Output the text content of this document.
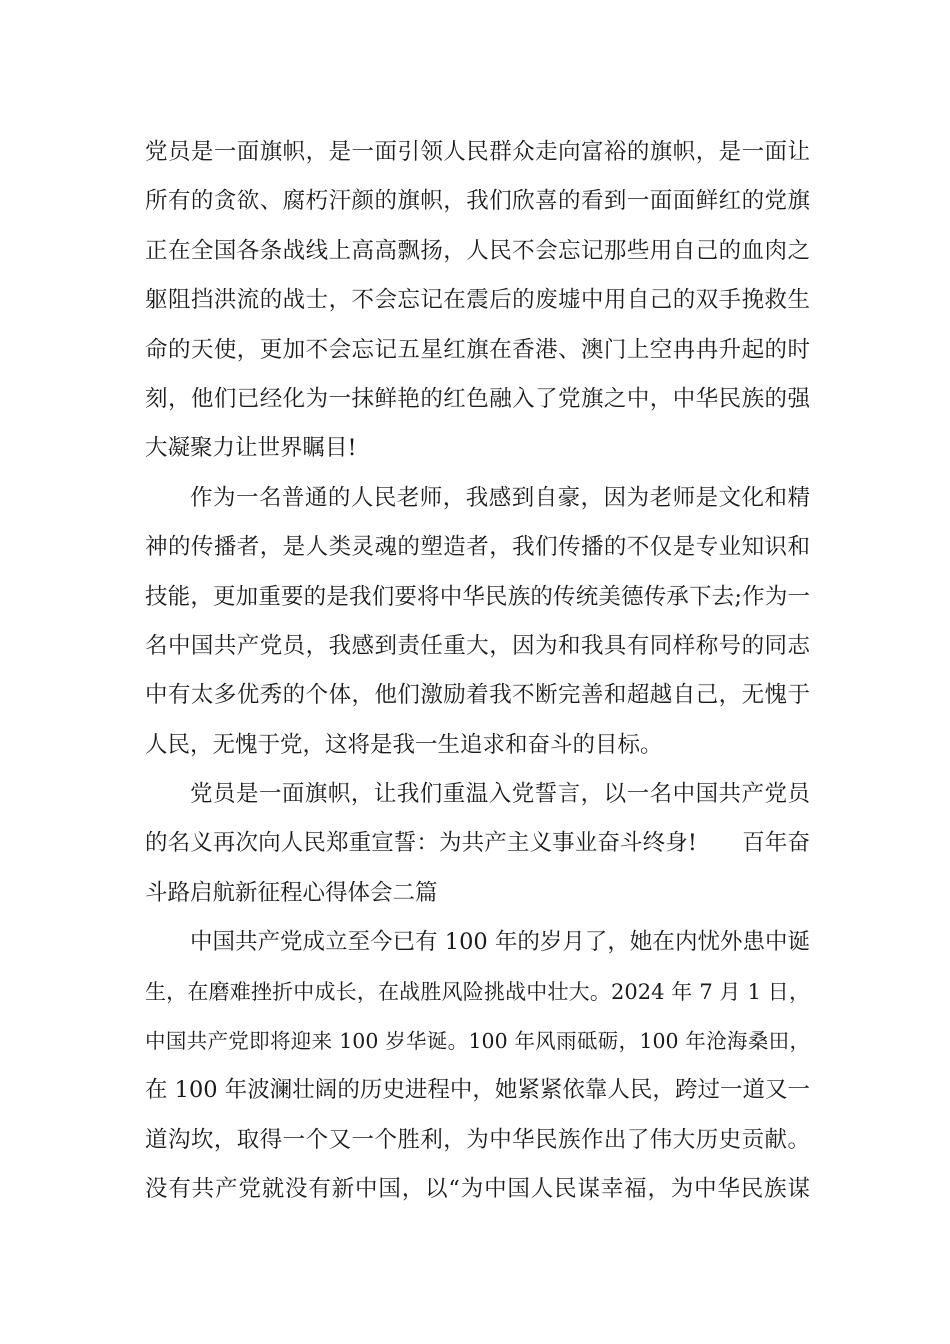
党员是一面旗帜，是一面引领人民群众走向富裕的旗帜，是一面让
所有的贪欲、腐朽汗颜的旗帜，我们欣喜的看到一面面鲜红的党旗
正在全国各条战线上高高飘扬，人民不会忘记那些用自己的血肉之
躯阻挡洪流的战士，不会忘记在震后的废墟中用自己的双手挽救生
命的天使，更加不会忘记五星红旗在香港、澳门上空冉冉升起的时
刻，他们已经化为一抹鲜艳的红色融入了党旗之中，中华民族的强
大凝聚力让世界瞩目!
作为一名普通的人民老师，我感到自豪，因为老师是文化和精
神的传播者，是人类灵魂的塑造者，我们传播的不仅是专业知识和
技能，更加重要的是我们要将中华民族的传统美德传承下去;作为一
名中国共产党员，我感到责任重大，因为和我具有同样称号的同志
中有太多优秀的个体，他们激励着我不断完善和超越自己，无愧于
人民，无愧于党，这将是我一生追求和奋斗的目标。
党员是一面旗帜，让我们重温入党誓言，以一名中国共产党员
的名义再次向人民郑重宣誓：为共产主义事业奋斗终身!　　百年奋
斗路启航新征程心得体会二篇
中国共产党成立至今已有 100 年的岁月了，她在内忧外患中诞
生，在磨难挫折中成长，在战胜风险挑战中壮大。2024 年 7 月 1 日，
中国共产党即将迎来 100 岁华诞。100 年风雨砥砺，100 年沧海桑田，
在 100 年波澜壮阔的历史进程中，她紧紧依靠人民，跨过一道又一
道沟坎，取得一个又一个胜利，为中华民族作出了伟大历史贡献。
没有共产党就没有新中国，以“为中国人民谋幸福，为中华民族谋
